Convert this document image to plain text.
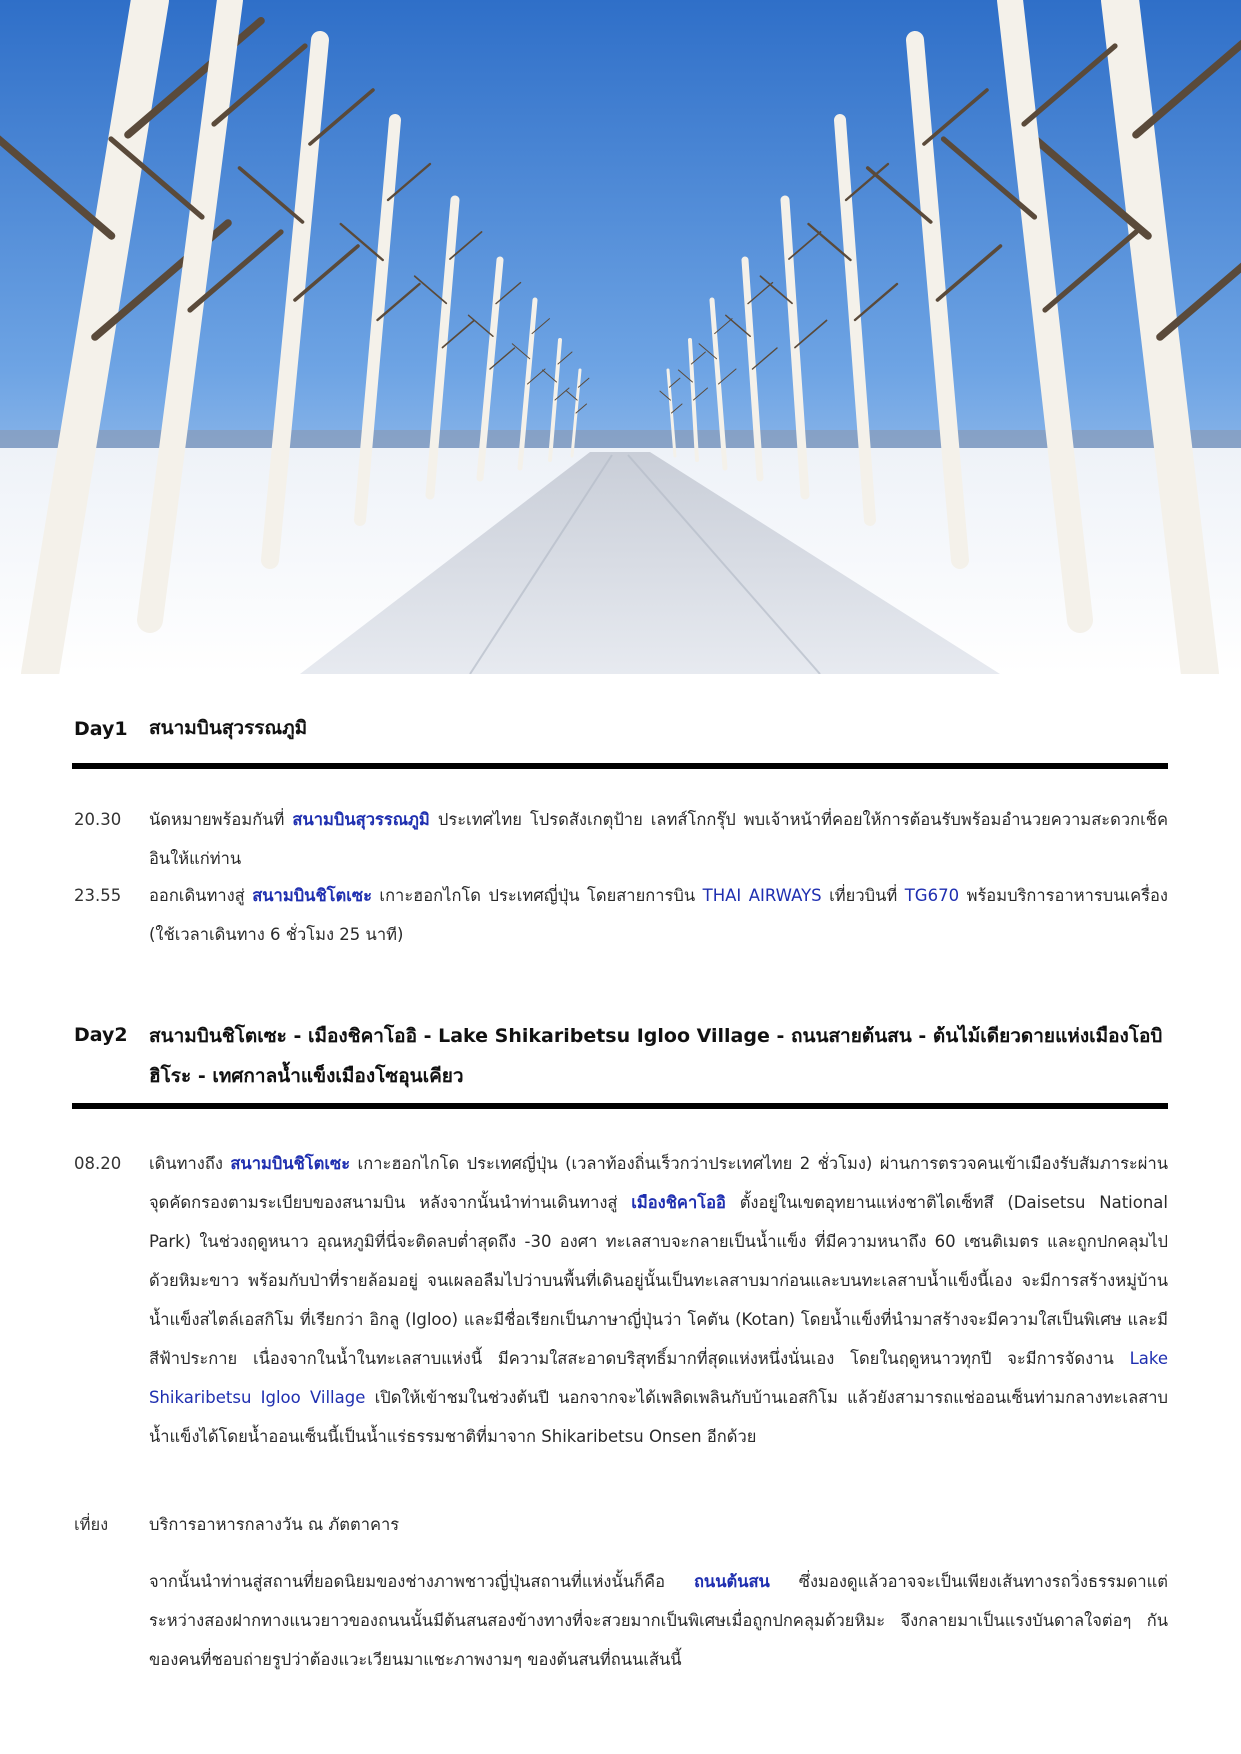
Day1	สนามบินสุวรรณภูมิ
20.30	นัดหมายพร้อมกันที่ สนามบินสุวรรณภูมิ ประเทศไทย โปรดสังเกตุป้าย เลทส์โกกรุ๊ป พบเจ้าหน้าที่คอยให้การต้อนรับพร้อมอำนวยความสะดวกเช็คอินให้แก่ท่าน
23.55	ออกเดินทางสู่ สนามบินชิโตเซะ เกาะฮอกไกโด ประเทศญี่ปุ่น โดยสายการบิน THAI AIRWAYS เที่ยวบินที่ TG670 พร้อมบริการอาหารบนเครื่อง (ใช้เวลาเดินทาง 6 ชั่วโมง 25 นาที)
Day2	สนามบินชิโตเซะ - เมืองชิคาโออิ - Lake Shikaribetsu Igloo Village - ถนนสายต้นสน - ต้นไม้เดียวดายแห่งเมืองโอบิฮิโระ - เทศกาลน้ำแข็งเมืองโซอุนเคียว
08.20	เดินทางถึง สนามบินชิโตเซะ เกาะฮอกไกโด ประเทศญี่ปุ่น (เวลาท้องถิ่นเร็วกว่าประเทศไทย 2 ชั่วโมง) ผ่านการตรวจคนเข้าเมืองรับสัมภาระผ่านจุดคัดกรองตามระเบียบของสนามบิน หลังจากนั้นนำท่านเดินทางสู่ เมืองชิคาโออิ ตั้งอยู่ในเขตอุทยานแห่งชาติไดเซ็ทสึ (Daisetsu National Park) ในช่วงฤดูหนาว อุณหภูมิที่นี่จะติดลบต่ำสุดถึง -30 องศา ทะเลสาบจะกลายเป็นน้ำแข็ง ที่มีความหนาถึง 60 เซนติเมตร และถูกปกคลุมไปด้วยหิมะขาว พร้อมกับป่าที่รายล้อมอยู่ จนเผลอลืมไปว่าบนพื้นที่เดินอยู่นั้นเป็นทะเลสาบมาก่อนและบนทะเลสาบน้ำแข็งนี้เอง จะมีการสร้างหมู่บ้านน้ำแข็งสไตล์เอสกิโม ที่เรียกว่า อิกลู (Igloo) และมีชื่อเรียกเป็นภาษาญี่ปุ่นว่า โคตัน (Kotan) โดยน้ำแข็งที่นำมาสร้างจะมีความใสเป็นพิเศษ และมีสีฟ้าประกาย เนื่องจากในน้ำในทะเลสาบแห่งนี้ มีความใสสะอาดบริสุทธิ์มากที่สุดแห่งหนึ่งนั่นเอง โดยในฤดูหนาวทุกปี จะมีการจัดงาน Lake Shikaribetsu Igloo Village เปิดให้เข้าชมในช่วงต้นปี นอกจากจะได้เพลิดเพลินกับบ้านเอสกิโม แล้วยังสามารถแช่ออนเซ็นท่ามกลางทะเลสาบน้ำแข็งได้โดยน้ำออนเซ็นนี้เป็นน้ำแร่ธรรมชาติที่มาจาก Shikaribetsu Onsen อีกด้วย
เที่ยง	บริการอาหารกลางวัน ณ ภัตตาคาร
จากนั้นนำท่านสู่สถานที่ยอดนิยมของช่างภาพชาวญี่ปุ่นสถานที่แห่งนั้นก็คือ ถนนต้นสน ซึ่งมองดูแล้วอาจจะเป็นเพียงเส้นทางรถวิ่งธรรมดาแต่ระหว่างสองฝากทางแนวยาวของถนนนั้นมีต้นสนสองข้างทางที่จะสวยมากเป็นพิเศษเมื่อถูกปกคลุมด้วยหิมะ จึงกลายมาเป็นแรงบันดาลใจต่อๆ กันของคนที่ชอบถ่ายรูปว่าต้องแวะเวียนมาแชะภาพงามๆ ของต้นสนที่ถนนเส้นนี้
